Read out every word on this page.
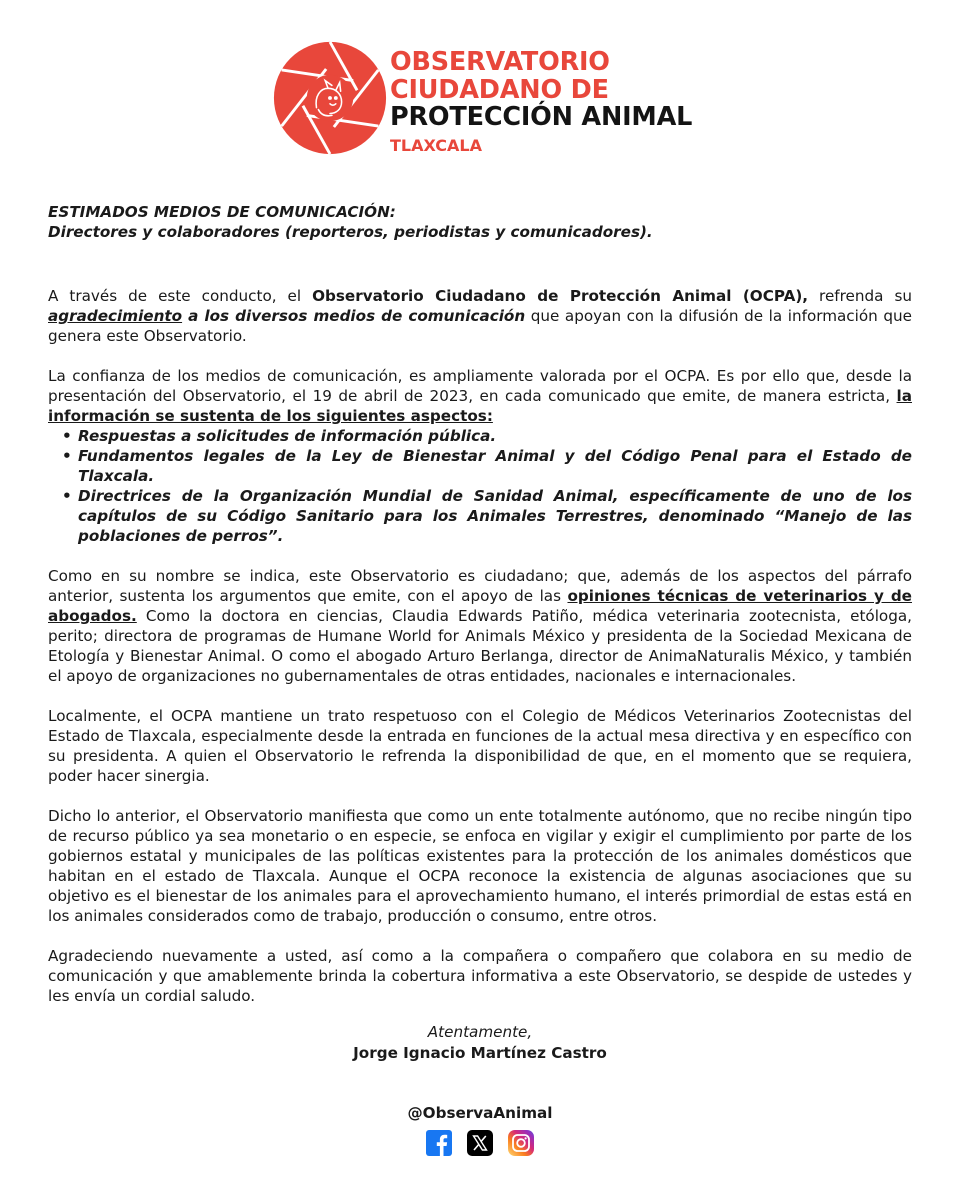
OBSERVATORIO
CIUDADANO DE
PROTECCIÓN ANIMAL
TLAXCALA
ESTIMADOS MEDIOS DE COMUNICACIÓN:
Directores y colaboradores (reporteros, periodistas y comunicadores).

A través de este conducto, el Observatorio Ciudadano de Protección Animal (OCPA), refrenda su agradecimiento a los diversos medios de comunicación que apoyan con la difusión de la información que genera este Observatorio.

La confianza de los medios de comunicación, es ampliamente valorada por el OCPA. Es por ello que, desde la presentación del Observatorio, el 19 de abril de 2023, en cada comunicado que emite, de manera estricta, la información se sustenta de los siguientes aspectos:

• Respuestas a solicitudes de información pública.
• Fundamentos legales de la Ley de Bienestar Animal y del Código Penal para el Estado de Tlaxcala.
• Directrices de la Organización Mundial de Sanidad Animal, específicamente de uno de los capítulos de su Código Sanitario para los Animales Terrestres, denominado “Manejo de las poblaciones de perros”.

Como en su nombre se indica, este Observatorio es ciudadano; que, además de los aspectos del párrafo anterior, sustenta los argumentos que emite, con el apoyo de las opiniones técnicas de veterinarios y de abogados. Como la doctora en ciencias, Claudia Edwards Patiño, médica veterinaria zootecnista, etóloga, perito; directora de programas de Humane World for Animals México y presidenta de la Sociedad Mexicana de Etología y Bienestar Animal. O como el abogado Arturo Berlanga, director de AnimaNaturalis México, y también el apoyo de organizaciones no gubernamentales de otras entidades, nacionales e internacionales.

Localmente, el OCPA mantiene un trato respetuoso con el Colegio de Médicos Veterinarios Zootecnistas del Estado de Tlaxcala, especialmente desde la entrada en funciones de la actual mesa directiva y en específico con su presidenta. A quien el Observatorio le refrenda la disponibilidad de que, en el momento que se requiera, poder hacer sinergia.

Dicho lo anterior, el Observatorio manifiesta que como un ente totalmente autónomo, que no recibe ningún tipo de recurso público ya sea monetario o en especie, se enfoca en vigilar y exigir el cumplimiento por parte de los gobiernos estatal y municipales de las políticas existentes para la protección de los animales domésticos que habitan en el estado de Tlaxcala. Aunque el OCPA reconoce la existencia de algunas asociaciones que su objetivo es el bienestar de los animales para el aprovechamiento humano, el interés primordial de estas está en los animales considerados como de trabajo, producción o consumo, entre otros.

Agradeciendo nuevamente a usted, así como a la compañera o compañero que colabora en su medio de comunicación y que amablemente brinda la cobertura informativa a este Observatorio, se despide de ustedes y les envía un cordial saludo.

Atentamente,
Jorge Ignacio Martínez Castro
@ObservaAnimal
